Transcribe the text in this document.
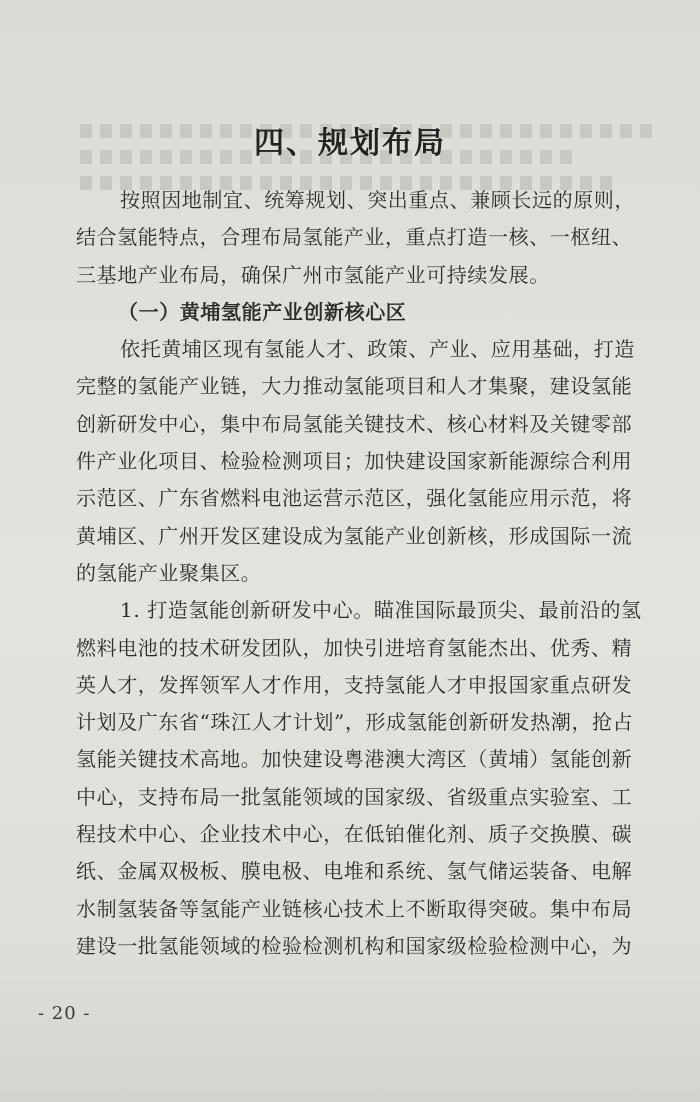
四、规划布局
按照因地制宜、统筹规划、突出重点、兼顾长远的原则，
结合氢能特点，合理布局氢能产业，重点打造一核、一枢纽、
三基地产业布局，确保广州市氢能产业可持续发展。
（一）黄埔氢能产业创新核心区
依托黄埔区现有氢能人才、政策、产业、应用基础，打造
完整的氢能产业链，大力推动氢能项目和人才集聚，建设氢能
创新研发中心，集中布局氢能关键技术、核心材料及关键零部
件产业化项目、检验检测项目；加快建设国家新能源综合利用
示范区、广东省燃料电池运营示范区，强化氢能应用示范，将
黄埔区、广州开发区建设成为氢能产业创新核，形成国际一流
的氢能产业聚集区。
1. 打造氢能创新研发中心。瞄准国际最顶尖、最前沿的氢
燃料电池的技术研发团队，加快引进培育氢能杰出、优秀、精
英人才，发挥领军人才作用，支持氢能人才申报国家重点研发
计划及广东省“珠江人才计划”，形成氢能创新研发热潮，抢占
氢能关键技术高地。加快建设粤港澳大湾区（黄埔）氢能创新
中心，支持布局一批氢能领域的国家级、省级重点实验室、工
程技术中心、企业技术中心，在低铂催化剂、质子交换膜、碳
纸、金属双极板、膜电极、电堆和系统、氢气储运装备、电解
水制氢装备等氢能产业链核心技术上不断取得突破。集中布局
建设一批氢能领域的检验检测机构和国家级检验检测中心，为
- 20 -
